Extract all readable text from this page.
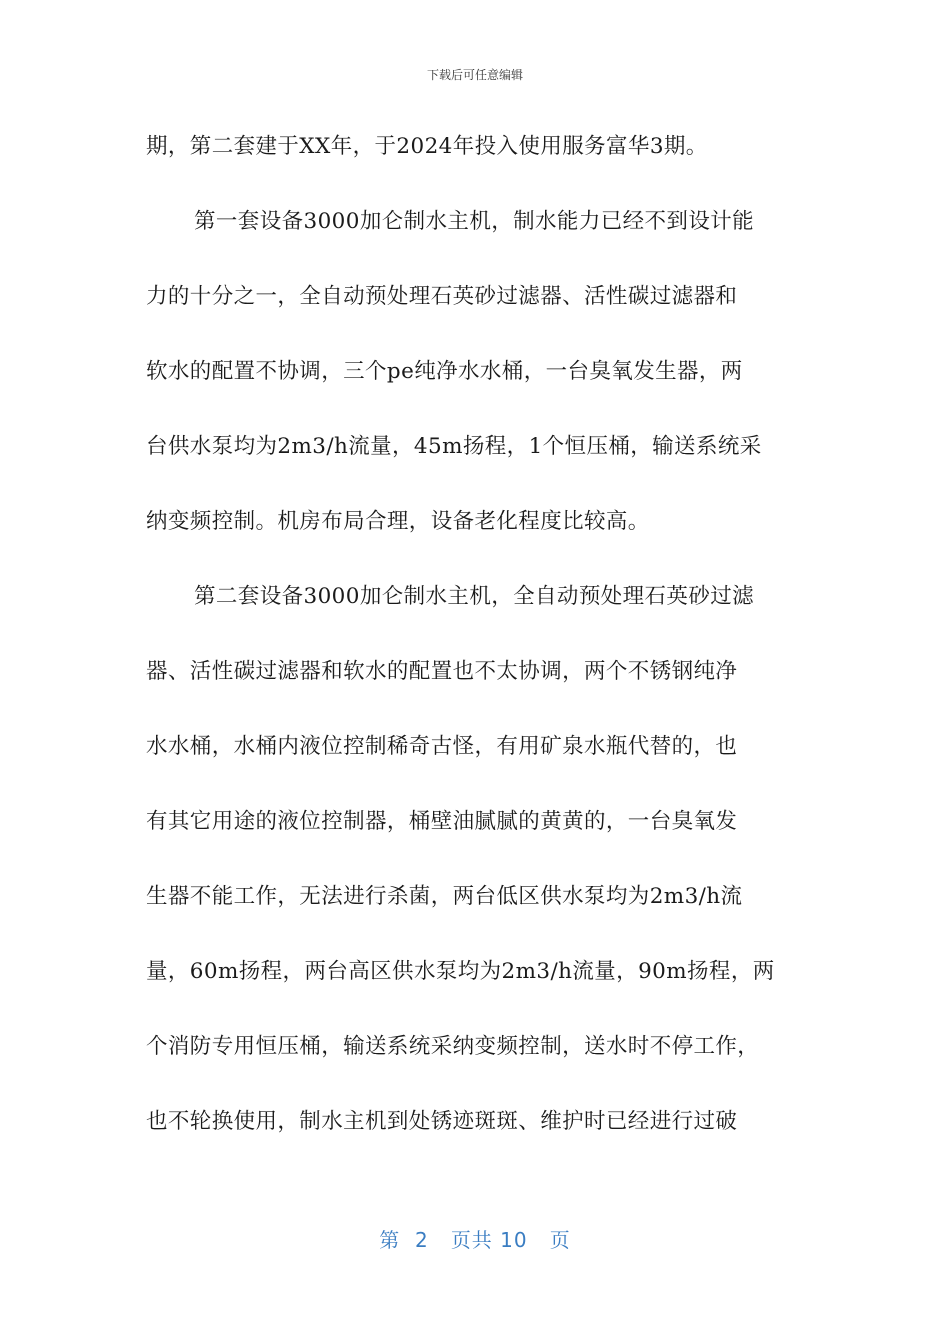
下载后可任意编辑
期，第二套建于XX年，于2024年投入使用服务富华3期。
第一套设备3000加仑制水主机，制水能力已经不到设计能
力的十分之一，全自动预处理石英砂过滤器、活性碳过滤器和
软水的配置不协调，三个pe纯净水水桶，一台臭氧发生器，两
台供水泵均为2m3/h流量，45m扬程，1个恒压桶，输送系统采
纳变频控制。机房布局合理，设备老化程度比较高。
第二套设备3000加仑制水主机，全自动预处理石英砂过滤
器、活性碳过滤器和软水的配置也不太协调，两个不锈钢纯净
水水桶，水桶内液位控制稀奇古怪，有用矿泉水瓶代替的，也
有其它用途的液位控制器，桶壁油腻腻的黄黄的，一台臭氧发
生器不能工作，无法进行杀菌，两台低区供水泵均为2m3/h流
量，60m扬程，两台高区供水泵均为2m3/h流量，90m扬程，两
个消防专用恒压桶，输送系统采纳变频控制，送水时不停工作，
也不轮换使用，制水主机到处锈迹斑斑、维护时已经进行过破
第 2 页共 10 页
